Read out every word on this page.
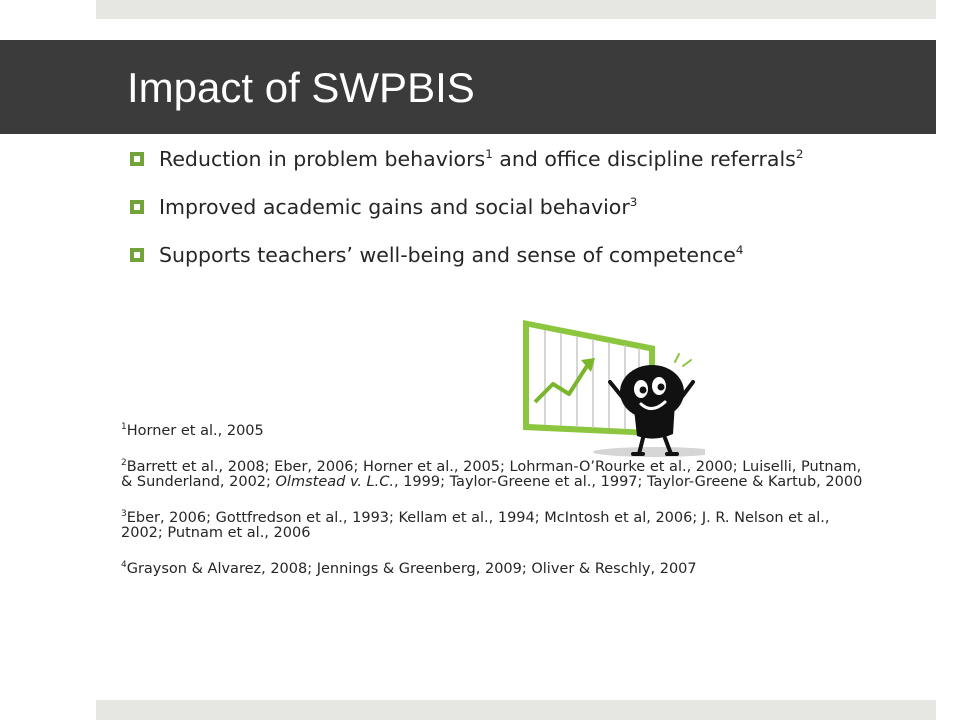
Impact of SWPBIS
Reduction in problem behaviors$^1$ and office discipline referrals$^2$
Improved academic gains and social behavior$^3$
Supports teachers’ well-being and sense of competence$^4$

$^1$Horner et al., 2005

$^2$Barrett et al., 2008; Eber, 2006; Horner et al., 2005; Lohrman-O’Rourke et al., 2000; Luiselli, Putnam, & Sunderland, 2002; Olmstead v. L.C., 1999; Taylor-Greene et al., 1997; Taylor-Greene & Kartub, 2000

$^3$Eber, 2006; Gottfredson et al., 1993; Kellam et al., 1994; McIntosh et al, 2006; J. R. Nelson et al., 2002; Putnam et al., 2006

$^4$Grayson & Alvarez, 2008; Jennings & Greenberg, 2009; Oliver & Reschly, 2007
